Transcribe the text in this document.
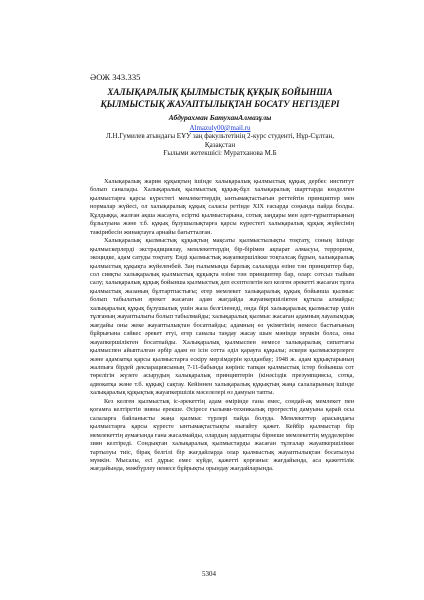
ӘОЖ 343.335
ХАЛЫҚАРАЛЫҚ ҚЫЛМЫСТЫҚ ҚҰҚЫҚ БОЙЫНША ҚЫЛМЫСТЫҚ ЖАУАПТЫЛЫҚТАН БОСАТУ НЕГІЗДЕРІ
Абдурахман БатуханАлмазұлы
Almazuly00@mail.ru
Л.Н.Гумилев атындағы ЕҰУ заң факультетінің 2-курс студенті, Нұр-Сұлтан, Қазақстан
Ғылыми жетекшісі: Муратханова М.Б

Халықаралық жария құқықтың ішінде халықаралық қылмыстық құқық дербес институт болып саналады. Халықаралық қылмыстық құқық-бұл халықаралық шарттарда көзделген қылмыстарға қарсы күрестегі мемлекеттердің ынтымақтастығын реттейтін принциптер мен нормалар жүйесі, ол халықаралық құқық саласы ретінде XIX ғасырда соңында пайда болды. Құлдыққа, жалған ақша жасауға, есірткі қылмыстарына, сотық заңдары мен әдет-ғұрыптарының бұзылуына және т.б. құқық бұзушылықтарға қарсы күрестегі халықаралық құқық жүйесінің тәжірибесін жинақтауға арнайы бағытталған.

Халықаралық қылмыстық құқықтың мақсаты қылмыстылықты тоқтату, соның ішінде қылмыскерлерді экстрадициялау, мемлекеттердің бір-бірімен ақпарат алмасуы, терроризм, экоцидке, адам сатуды тоқтату. Енді қылмыстық жауапкершілікке тоқталсақ бұрын, халықаралық қылмыстық құқықта жүйеленбей. Заң ғылымында барлық салаларда өзіне тән принциптер бар, сол сияқты халықаралық қылмыстық құқықта өзіне тән принциптер бар, олар: сотсыз тыйым салу; халықаралық құқық бойынша қылмыстық деп есептелетін кез келген әрекетті жасаған тұлға қылмыстық жазаның бұлтартпастығы; егер мемлекет халықаралық құқық бойынша қылмыс болып табылатын әрекет жасаған адам жағдайда жауапкершіліктен құтыла алмайды; халықаралық құқық бұзушылық үшін жаза белгіленеді, онда бірі халықаралық қылмыстар үшін тұлғаның жауаптылығы болып табылмайды; халықаралық қылмыс жасаған адамның лауазымдық жағдайы оны жеке жауаптылықтан босатпайды; адамның өз үкіметінің немесе бастығының бұйрығына сәйкес әрекет етуі, егер саналы таңдау жасау шын мәнінде мүмкін болса, оны жауапкершіліктен босатпайды. Халықаралық қылмыспен немесе халықаралық сипаттағы қылмыспен айыпталған әрбір адам өз ісін сотта әділ қарауға құқылы; әскери қылмыскерлерге және адамзатқа қарсы қылмыстарға ескіру мерзімдерін қолданбау; 1948 ж. адам құқықтарының жалпыға бірдей декларациясының 7-11-бабында көрініс тапқан қылмыстық істер бойынша сот төрелігін жүзеге асырудың халықаралық принциптерін (кінәсіздік презумпциясы, сотқа, адвокатқа және т.б. құқық) сақтау. Кейіннен халықаралық құқықтың жаңа салаларының ішінде халықаралық құқықтық жауапкершілік мәселелері өз дамуын тапты.

Кез келген қылмыстық іс-әрекеттің адам өмірінде ғана емес, сондай-ақ мемлекет пен қоғамға келтіретін зияны ерекше. Әсіресе ғылыми-техникалық прогрестің дамуына қарай осы салаларға байланысты жаңа қылмыс түрлері пайда болуда. Мемлекеттер арасындағы қылмыстарға қарсы күресте ынтымақтастықты нығайту қажет. Кейбір қылмыстар бір мемлекеттің аумағында ғана жасалмайды, олардың зардаптары бірнеше мемлекеттің мүдделеріне зиян келтіреді. Сондықтан халықаралық қылмыстарды жасаған тұлғалар жауапкершілікке тартылуы тиіс, бірақ белгілі бір жағдайларда олар қылмыстық жауаптылықтан босатылуы мүмкін. Мысалы, есі дұрыс емес күйде, қажетті қорғаныс жағдайында, аса қажеттілік жағдайында, мәжбүрлеу немесе бұйрықты орындау жағдайларында.

5304
